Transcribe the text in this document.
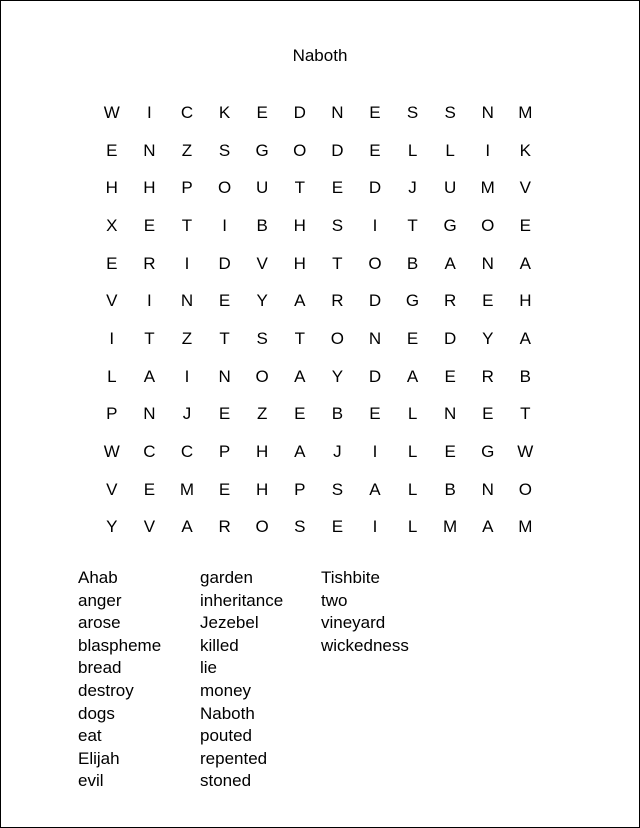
Naboth
W	I	C	K	E	D	N	E	S	S	N	M
E	N	Z	S	G	O	D	E	L	L	I	K
H	H	P	O	U	T	E	D	J	U	M	V
X	E	T	I	B	H	S	I	T	G	O	E
E	R	I	D	V	H	T	O	B	A	N	A
V	I	N	E	Y	A	R	D	G	R	E	H
I	T	Z	T	S	T	O	N	E	D	Y	A
L	A	I	N	O	A	Y	D	A	E	R	B
P	N	J	E	Z	E	B	E	L	N	E	T
W	C	C	P	H	A	J	I	L	E	G	W
V	E	M	E	H	P	S	A	L	B	N	O
Y	V	A	R	O	S	E	I	L	M	A	M
Ahab
anger
arose
blaspheme
bread
destroy
dogs
eat
Elijah
evil
garden
inheritance
Jezebel
killed
lie
money
Naboth
pouted
repented
stoned
Tishbite
two
vineyard
wickedness
